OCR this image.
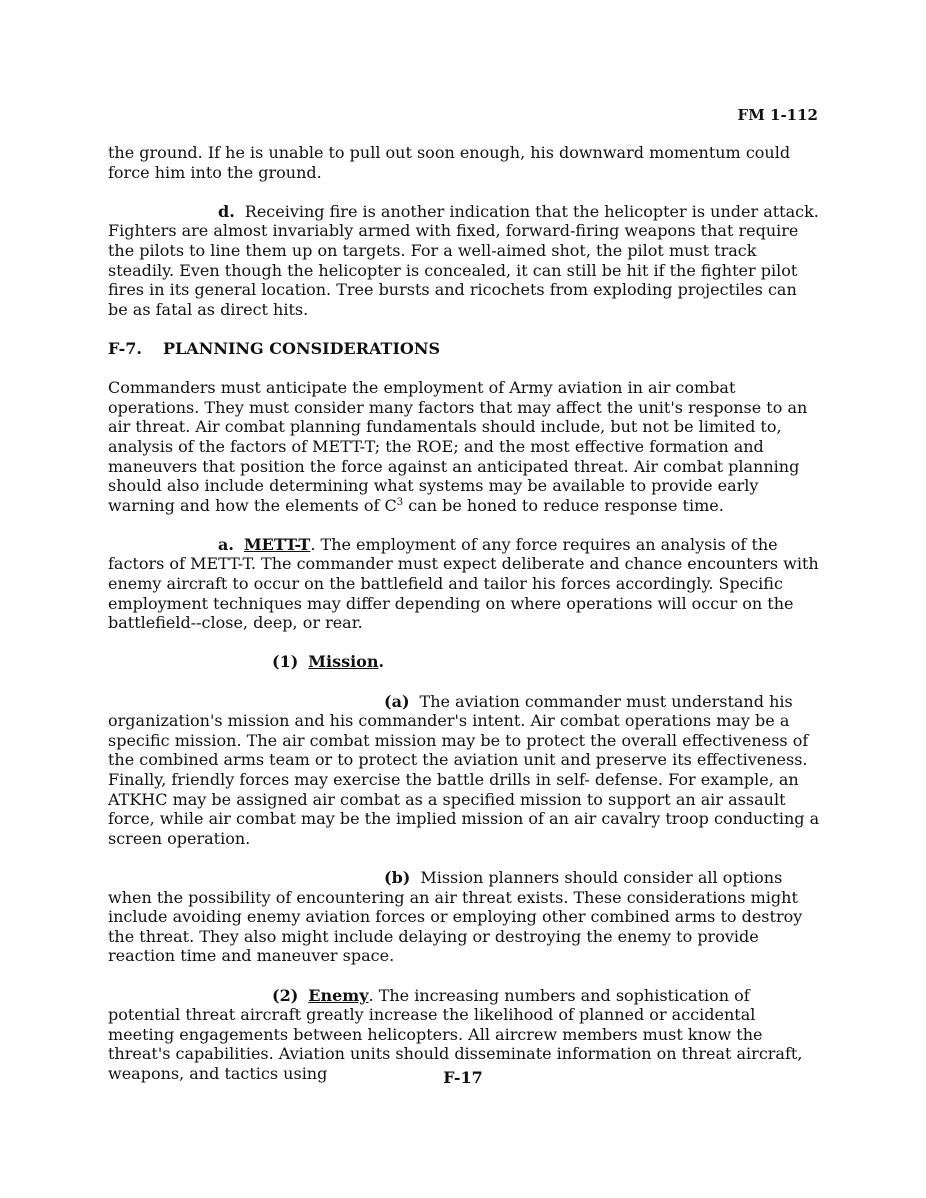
FM 1-112

the ground. If he is unable to pull out soon enough, his downward momentum could force him into the ground.

d. Receiving fire is another indication that the helicopter is under attack. Fighters are almost invariably armed with fixed, forward-firing weapons that require the pilots to line them up on targets. For a well-aimed shot, the pilot must track steadily. Even though the helicopter is concealed, it can still be hit if the fighter pilot fires in its general location. Tree bursts and ricochets from exploding projectiles can be as fatal as direct hits.

F-7. PLANNING CONSIDERATIONS

Commanders must anticipate the employment of Army aviation in air combat operations. They must consider many factors that may affect the unit's response to an air threat. Air combat planning fundamentals should include, but not be limited to, analysis of the factors of METT-T; the ROE; and the most effective formation and maneuvers that position the force against an anticipated threat. Air combat planning should also include determining what systems may be available to provide early warning and how the elements of $C^3$ can be honed to reduce response time.

a. METT-T. The employment of any force requires an analysis of the factors of METT-T. The commander must expect deliberate and chance encounters with enemy aircraft to occur on the battlefield and tailor his forces accordingly. Specific employment techniques may differ depending on where operations will occur on the battlefield--close, deep, or rear.

(1) Mission.

(a) The aviation commander must understand his organization's mission and his commander's intent. Air combat operations may be a specific mission. The air combat mission may be to protect the overall effectiveness of the combined arms team or to protect the aviation unit and preserve its effectiveness. Finally, friendly forces may exercise the battle drills in self- defense. For example, an ATKHC may be assigned air combat as a specified mission to support an air assault force, while air combat may be the implied mission of an air cavalry troop conducting a screen operation.

(b) Mission planners should consider all options when the possibility of encountering an air threat exists. These considerations might include avoiding enemy aviation forces or employing other combined arms to destroy the threat. They also might include delaying or destroying the enemy to provide reaction time and maneuver space.

(2) Enemy. The increasing numbers and sophistication of potential threat aircraft greatly increase the likelihood of planned or accidental meeting engagements between helicopters. All aircrew members must know the threat's capabilities. Aviation units should disseminate information on threat aircraft, weapons, and tactics using	F-17
